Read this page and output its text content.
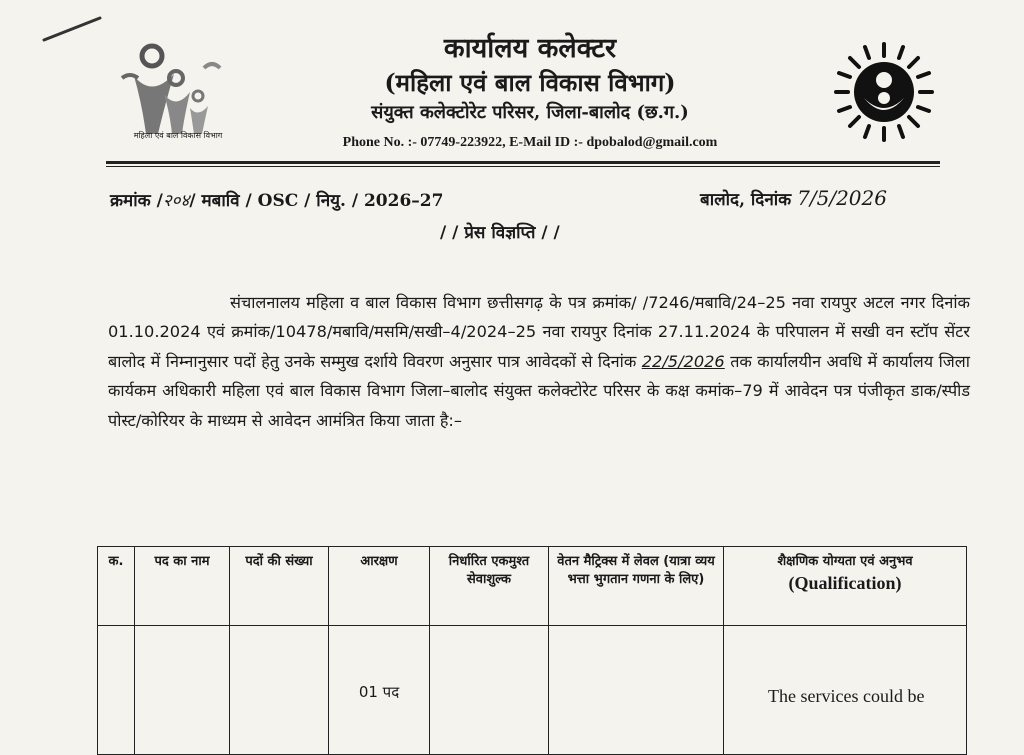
महिला एवं बाल विकास विभाग
कार्यालय कलेक्टर
(महिला एवं बाल विकास विभाग)
संयुक्त कलेक्टोरेट परिसर, जिला-बालोद (छ.ग.)
Phone No. :- 07749-223922, E-Mail ID :- dpobalod@gmail.com
क्रमांक /२०४/ मबावि / OSC / नियु. / 2026–27	बालोद, दिनांक 7/5/2026
/ / प्रेस विज्ञप्ति / /
संचालनालय महिला व बाल विकास विभाग छत्तीसगढ़ के पत्र क्रमांक/ /7246/मबावि/24–25 नवा रायपुर अटल नगर दिनांक 01.10.2024 एवं क्रमांक/10478/मबावि/मसमि/सखी–4/2024–25 नवा रायपुर दिनांक 27.11.2024 के परिपालन में सखी वन स्टॉप सेंटर बालोद में निम्नानुसार पदों हेतु उनके सम्मुख दर्शाये विवरण अनुसार पात्र आवेदकों से दिनांक 22/5/2026 तक कार्यालयीन अवधि में कार्यालय जिला कार्यकम अधिकारी महिला एवं बाल विकास विभाग जिला–बालोद संयुक्त कलेक्टोरेट परिसर के कक्ष कमांक–79 में आवेदन पत्र पंजीकृत डाक/स्पीड पोस्ट/कोरियर के माध्यम से आवेदन आमंत्रित किया जाता है:–
क.	पद का नाम	पदों की संख्या	आरक्षण	निर्धारित एकमुश्त सेवाशुल्क	वेतन मैट्रिक्स में लेवल (यात्रा व्यय भत्ता भुगतान गणना के लिए)	शैक्षणिक योग्यता एवं अनुभव
(Qualification)

			01 पद			The services could be
